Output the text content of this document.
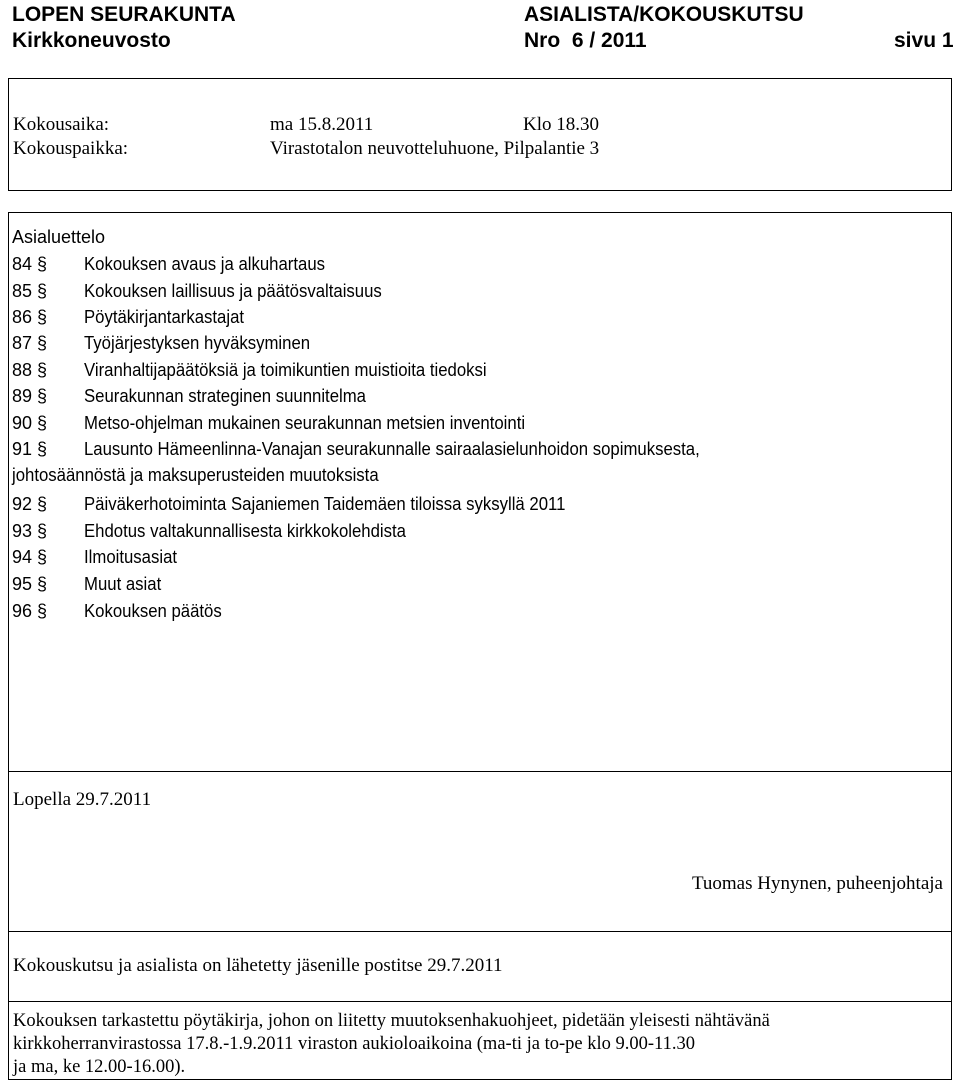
LOPEN SEURAKUNTA
Kirkkoneuvosto
ASIALISTA/KOKOUSKUTSU
Nro  6 / 2011	sivu 1
Kokousaika:	ma 15.8.2011	Klo 18.30
Kokouspaikka:	Virastotalon neuvotteluhuone, Pilpalantie 3
Asialuettelo
84 § Kokouksen avaus ja alkuhartaus
85 § Kokouksen laillisuus ja päätösvaltaisuus
86 § Pöytäkirjantarkastajat
87 § Työjärjestyksen hyväksyminen
88 § Viranhaltijapäätöksiä ja toimikuntien muistioita tiedoksi
89 § Seurakunnan strateginen suunnitelma
90 § Metso-ohjelman mukainen seurakunnan metsien inventointi
91 § Lausunto Hämeenlinna-Vanajan seurakunnalle sairaalasielunhoidon sopimuksesta,
johtosäännöstä ja maksuperusteiden muutoksista
92 § Päiväkerhotoiminta Sajaniemen Taidemäen tiloissa syksyllä 2011
93 § Ehdotus valtakunnallisesta kirkkokolehdista
94 § Ilmoitusasiat
95 § Muut asiat
96 § Kokouksen päätös
Lopella 29.7.2011
Tuomas Hynynen, puheenjohtaja
Kokouskutsu ja asialista on lähetetty jäsenille postitse 29.7.2011
Kokouksen tarkastettu pöytäkirja, johon on liitetty muutoksenhakuohjeet, pidetään yleisesti nähtävänä
kirkkoherranvirastossa 17.8.-1.9.2011 viraston aukioloaikoina (ma-ti ja to-pe klo 9.00-11.30
ja ma, ke 12.00-16.00).
